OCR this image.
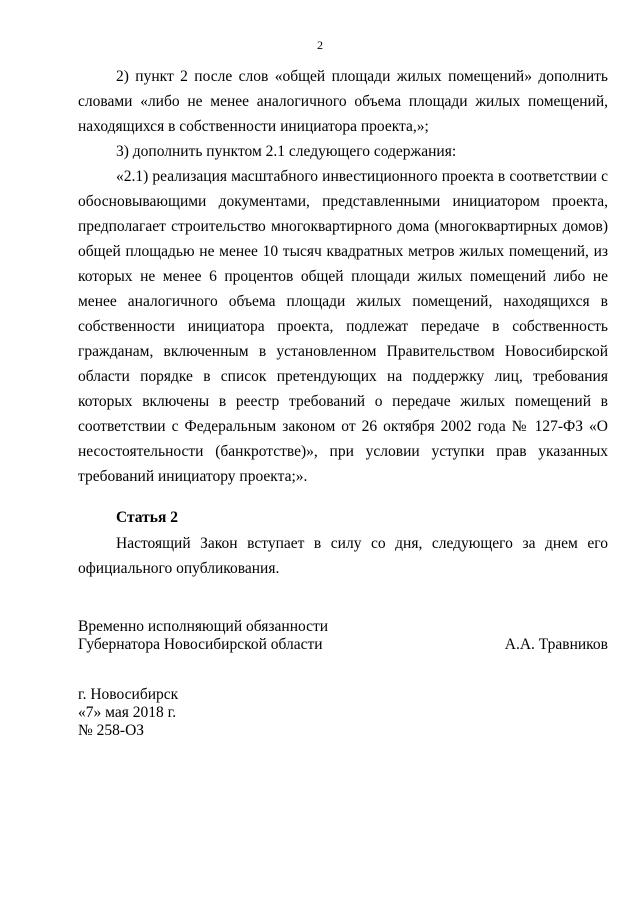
2

2) пункт 2 после слов «общей площади жилых помещений» дополнить словами «либо не менее аналогичного объема площади жилых помещений, находящихся в собственности инициатора проекта,»;

3) дополнить пунктом 2.1 следующего содержания:

«2.1) реализация масштабного инвестиционного проекта в соответствии с обосновывающими документами, представленными инициатором проекта, предполагает строительство многоквартирного дома (многоквартирных домов) общей площадью не менее 10 тысяч квадратных метров жилых помещений, из которых не менее 6 процентов общей площади жилых помещений либо не менее аналогичного объема площади жилых помещений, находящихся в собственности инициатора проекта, подлежат передаче в собственность гражданам, включенным в установленном Правительством Новосибирской области порядке в список претендующих на поддержку лиц, требования которых включены в реестр требований о передаче жилых помещений в соответствии с Федеральным законом от 26 октября 2002 года № 127-ФЗ «О несостоятельности (банкротстве)», при условии уступки прав указанных требований инициатору проекта;».

Статья 2

Настоящий Закон вступает в силу со дня, следующего за днем его официального опубликования.

Временно исполняющий обязанности
Губернатора Новосибирской области	А.А. Травников
г. Новосибирск
«7» мая 2018 г.
№ 258-ОЗ
